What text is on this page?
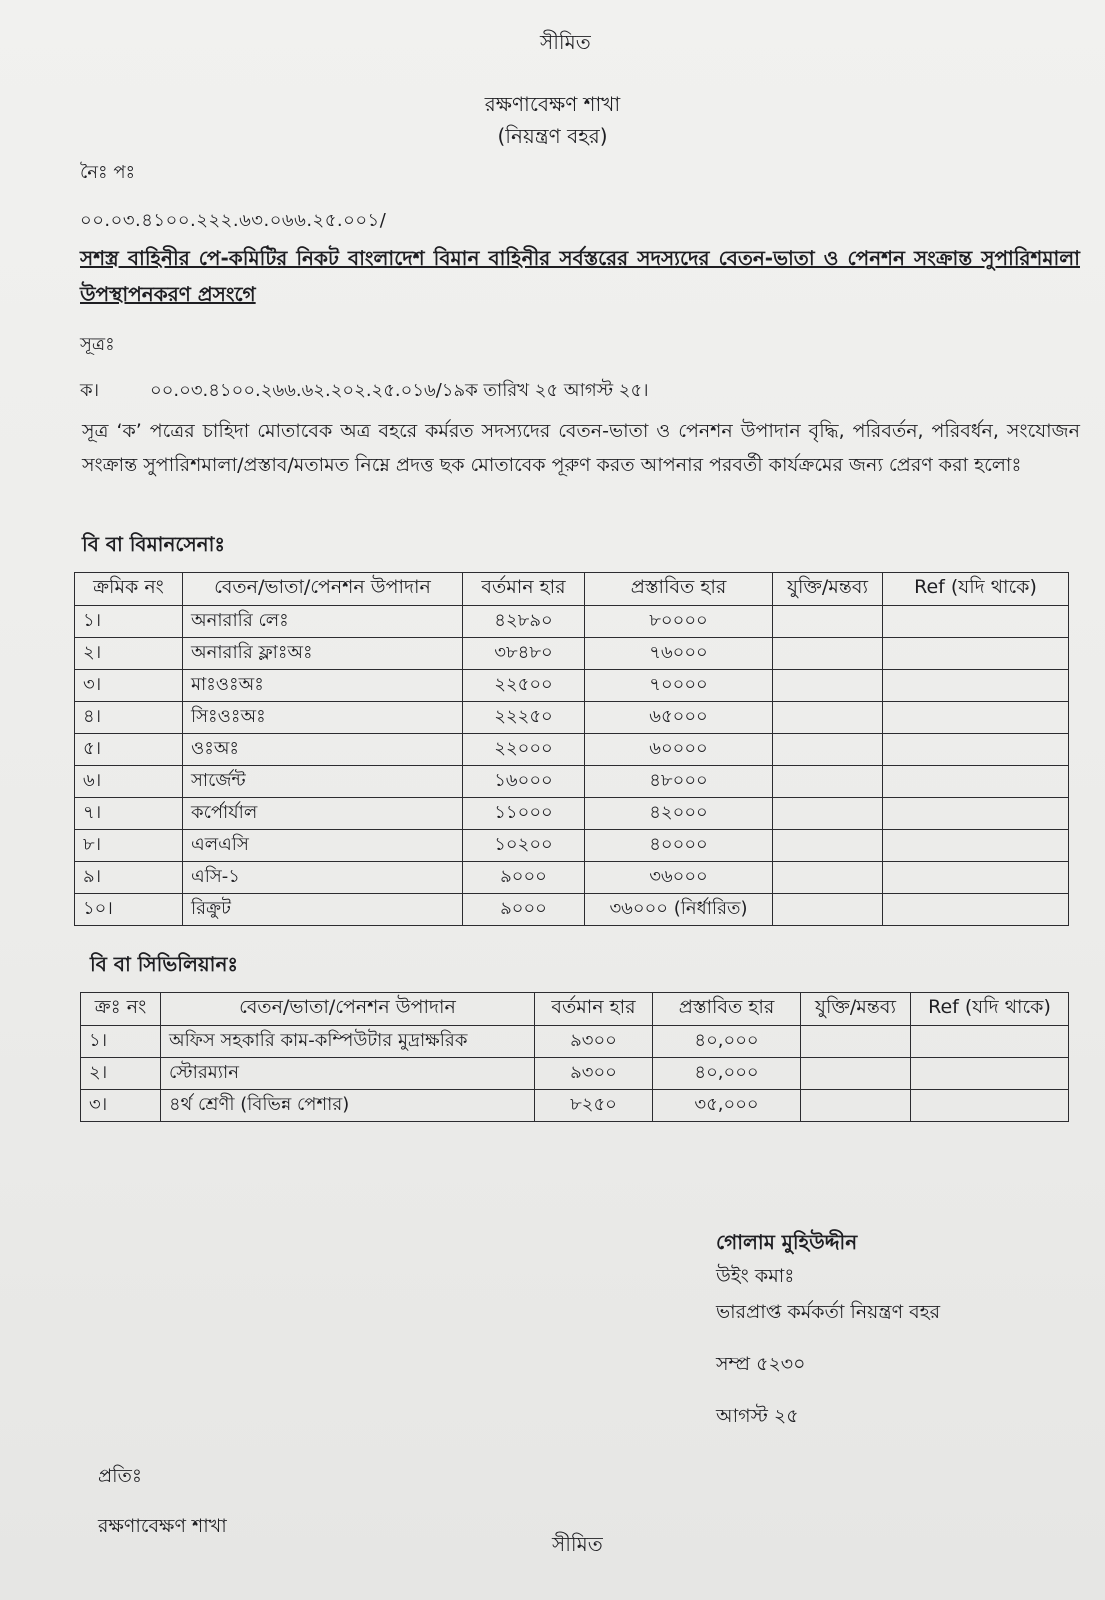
সীমিত
রক্ষণাবেক্ষণ শাখা
(নিয়ন্ত্রণ বহর)
নৈঃ পঃ
০০.০৩.৪১০০.২২২.৬৩.০৬৬.২৫.০০১/
সশস্ত্র বাহিনীর পে-কমিটির নিকট বাংলাদেশ বিমান বাহিনীর সর্বস্তরের সদস্যদের বেতন-ভাতা ও পেনশন সংক্রান্ত সুপারিশমালা উপস্থাপনকরণ প্রসংগে
সূত্রঃ
ক।	০০.০৩.৪১০০.২৬৬.৬২.২০২.২৫.০১৬/১৯ক তারিখ ২৫ আগস্ট ২৫।
সূত্র ‘ক’ পত্রের চাহিদা মোতাবেক অত্র বহরে কর্মরত সদস্যদের বেতন-ভাতা ও পেনশন উপাদান বৃদ্ধি, পরিবর্তন, পরিবর্ধন, সংযোজন সংক্রান্ত সুপারিশমালা/প্রস্তাব/মতামত নিম্নে প্রদত্ত ছক মোতাবেক পূরুণ করত আপনার পরবর্তী কার্যক্রমের জন্য প্রেরণ করা হলোঃ
বি বা বিমানসেনাঃ
ক্রমিক নং	বেতন/ভাতা/পেনশন উপাদান	বর্তমান হার	প্রস্তাবিত হার	যুক্তি/মন্তব্য	Ref (যদি থাকে)
১।	অনারারি লেঃ	৪২৮৯০	৮০০০০		
২।	অনারারি ফ্লাঃঅঃ	৩৮৪৮০	৭৬০০০		
৩।	মাঃওঃঅঃ	২২৫০০	৭০০০০		
৪।	সিঃওঃঅঃ	২২২৫০	৬৫০০০		
৫।	ওঃঅঃ	২২০০০	৬০০০০		
৬।	সার্জেন্ট	১৬০০০	৪৮০০০		
৭।	কর্পোর্যাল	১১০০০	৪২০০০		
৮।	এলএসি	১০২০০	৪০০০০		
৯।	এসি-১	৯০০০	৩৬০০০		
১০।	রিক্রুট	৯০০০	৩৬০০০ (নির্ধারিত)		
বি বা সিভিলিয়ানঃ
ক্রঃ নং	বেতন/ভাতা/পেনশন উপাদান	বর্তমান হার	প্রস্তাবিত হার	যুক্তি/মন্তব্য	Ref (যদি থাকে)
১।	অফিস সহকারি কাম-কম্পিউটার মুদ্রাক্ষরিক	৯৩০০	৪০,০০০		
২।	স্টোরম্যান	৯৩০০	৪০,০০০		
৩।	৪র্থ শ্রেণী (বিভিন্ন পেশার)	৮২৫০	৩৫,০০০		
গোলাম মুহিউদ্দীন
উইং কমাঃ
ভারপ্রাপ্ত কর্মকর্তা নিয়ন্ত্রণ বহর
সম্প্র ৫২৩০
আগস্ট ২৫
প্রতিঃ
রক্ষণাবেক্ষণ শাখা
সীমিত
